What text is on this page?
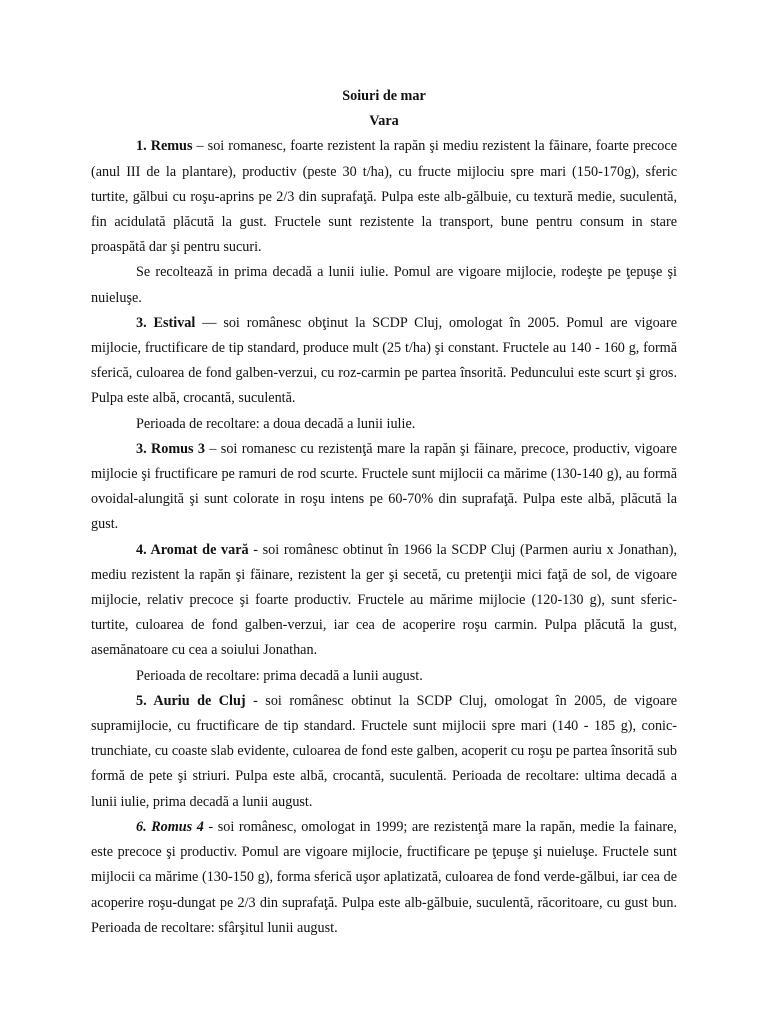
Soiuri de mar

Vara

1. Remus – soi romanesc, foarte rezistent la rapăn şi mediu rezistent la făinare, foarte precoce (anul III de la plantare), productiv (peste 30 t/ha), cu fructe mijlociu spre mari (150-170g), sferic turtite, gălbui cu roşu-aprins pe 2/3 din suprafaţă. Pulpa este alb-gălbuie, cu textură medie, suculentă, fin acidulată plăcută la gust. Fructele sunt rezistente la transport, bune pentru consum in stare proaspătă dar şi pentru sucuri.

Se recoltează in prima decadă a lunii iulie. Pomul are vigoare mijlocie, rodeşte pe ţepuşe şi nuieluşe.

3. Estival –– soi românesc obţinut la SCDP Cluj, omologat în 2005. Pomul are vigoare mijlocie, fructificare de tip standard, produce mult (25 t/ha) şi constant. Fructele au 140 - 160 g, formă sferică, culoarea de fond galben-verzui, cu roz-carmin pe partea însorită. Peduncului este scurt şi gros. Pulpa este albă, crocantă, suculentă.

Perioada de recoltare: a doua decadă a lunii iulie.

3. Romus 3 – soi romanesc cu rezistenţă mare la rapăn şi făinare, precoce, productiv, vigoare mijlocie şi fructificare pe ramuri de rod scurte. Fructele sunt mijlocii ca mărime (130-140 g), au formă ovoidal-alungită şi sunt colorate in roşu intens pe 60-70% din suprafaţă. Pulpa este albă, plăcută la gust.

4. Aromat de vară - soi românesc obtinut în 1966 la SCDP Cluj (Parmen auriu x Jonathan), mediu rezistent la rapăn şi făinare, rezistent la ger şi secetă, cu pretenţii mici faţă de sol, de vigoare mijlocie, relativ precoce şi foarte productiv. Fructele au mărime mijlocie (120-130 g), sunt sferic-turtite, culoarea de fond galben-verzui, iar cea de acoperire roşu carmin. Pulpa plăcută la gust, asemănatoare cu cea a soiului Jonathan.

Perioada de recoltare: prima decadă a lunii august.

5. Auriu de Cluj - soi românesc obtinut la SCDP Cluj, omologat în 2005, de vigoare supramijlocie, cu fructificare de tip standard. Fructele sunt mijlocii spre mari (140 - 185 g), conic-trunchiate, cu coaste slab evidente, culoarea de fond este galben, acoperit cu roşu pe partea însorită sub formă de pete şi striuri. Pulpa este albă, crocantă, suculentă. Perioada de recoltare: ultima decadă a lunii iulie, prima decadă a lunii august.

6. Romus 4 - soi românesc, omologat in 1999; are rezistenţă mare la rapăn, medie la fainare, este precoce şi productiv. Pomul are vigoare mijlocie, fructificare pe ţepuşe şi nuieluşe. Fructele sunt mijlocii ca mărime (130-150 g), forma sferică uşor aplatizată, culoarea de fond verde-gălbui, iar cea de acoperire roşu-dungat pe 2/3 din suprafaţă. Pulpa este alb-gălbuie, suculentă, răcoritoare, cu gust bun. Perioada de recoltare: sfârşitul lunii august.
